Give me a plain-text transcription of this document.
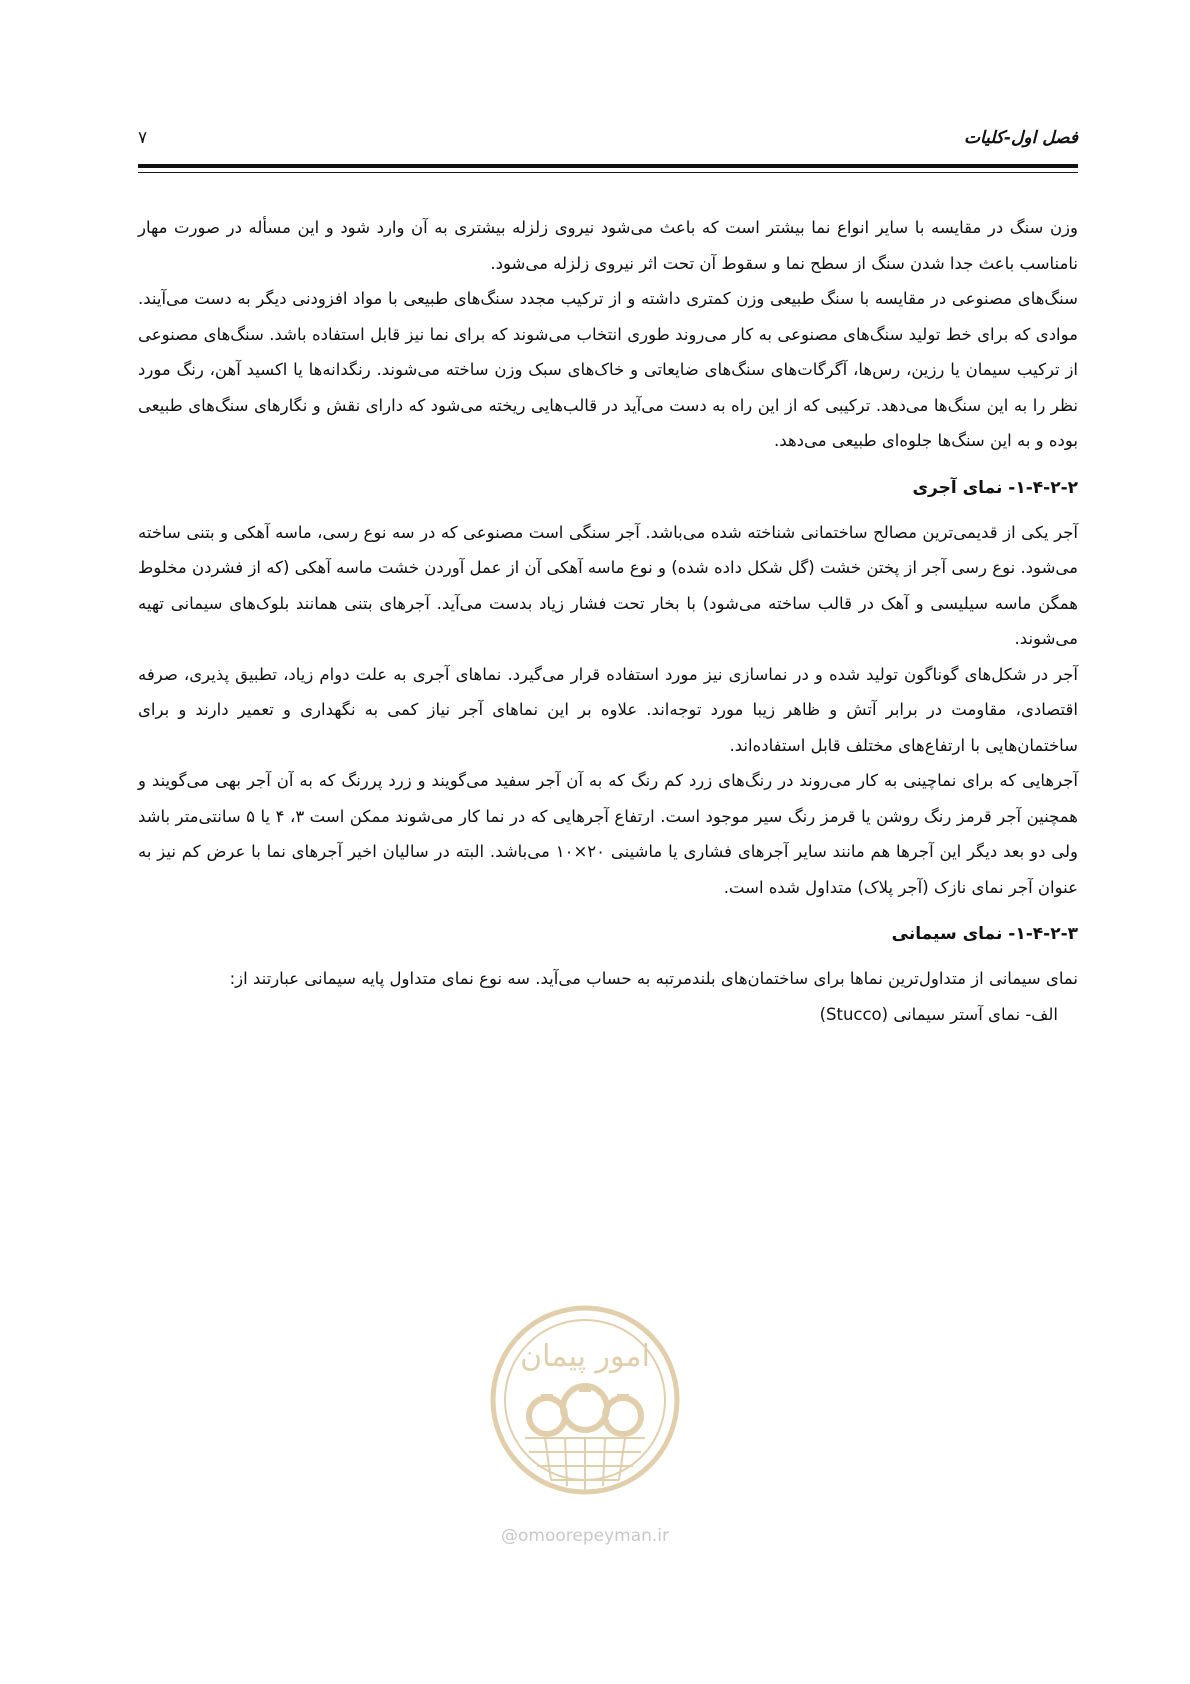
فصل اول-کلیات
۷

وزن سنگ در مقایسه با سایر انواع نما بیشتر است که باعث می‌شود نیروی زلزله بیشتری به آن وارد شود و این مسأله در صورت مهار نامناسب باعث جدا شدن سنگ از سطح نما و سقوط آن تحت اثر نیروی زلزله می‌شود.

سنگ‌های مصنوعی در مقایسه با سنگ طبیعی وزن کمتری داشته و از ترکیب مجدد سنگ‌های طبیعی با مواد افزودنی دیگر به دست می‌آیند. موادی که برای خط تولید سنگ‌های مصنوعی به کار می‌روند طوری انتخاب می‌شوند که برای نما نیز قابل استفاده باشد. سنگ‌های مصنوعی از ترکیب سیمان یا رزین، رس‌ها، آگرگات‌های سنگ‌های ضایعاتی و خاک‌های سبک وزن ساخته می‌شوند. رنگدانه‌ها یا اکسید آهن، رنگ مورد نظر را به این سنگ‌ها می‌دهد. ترکیبی که از این راه به دست می‌آید در قالب‌هایی ریخته می‌شود که دارای نقش و نگارهای سنگ‌های طبیعی بوده و به این سنگ‌ها جلوه‌ای طبیعی می‌دهد.

۱-۴-۲-۲- نمای آجری

آجر یکی از قدیمی‌ترین مصالح ساختمانی شناخته شده می‌باشد. آجر سنگی است مصنوعی که در سه نوع رسی، ماسه آهکی و بتنی ساخته می‌شود. نوع رسی آجر از پختن خشت (گل شکل داده شده) و نوع ماسه آهکی آن از عمل آوردن خشت ماسه آهکی (که از فشردن مخلوط همگن ماسه سیلیسی و آهک در قالب ساخته می‌شود) با بخار تحت فشار زیاد بدست می‌آید. آجرهای بتنی همانند بلوک‌های سیمانی تهیه می‌شوند.

آجر در شکل‌های گوناگون تولید شده و در نماسازی نیز مورد استفاده قرار می‌گیرد. نماهای آجری به علت دوام زیاد، تطبیق پذیری، صرفه اقتصادی، مقاومت در برابر آتش و ظاهر زیبا مورد توجه‌اند. علاوه بر این نماهای آجر نیاز کمی به نگهداری و تعمیر دارند و برای ساختمان‌هایی با ارتفاع‌های مختلف قابل استفاده‌اند.

آجرهایی که برای نماچینی به کار می‌روند در رنگ‌های زرد کم رنگ که به آن آجر سفید می‌گویند و زرد پررنگ که به آن آجر بهی می‌گویند و همچنین آجر قرمز رنگ روشن یا قرمز رنگ سیر موجود است. ارتفاع آجرهایی که در نما کار می‌شوند ممکن است ۳، ۴ یا ۵ سانتی‌متر باشد ولی دو بعد دیگر این آجرها هم مانند سایر آجرهای فشاری یا ماشینی ۲۰×۱۰ می‌باشد. البته در سالیان اخیر آجرهای نما با عرض کم نیز به عنوان آجر نمای نازک (آجر پلاک) متداول شده است.

۱-۴-۲-۳- نمای سیمانی

نمای سیمانی از متداول‌ترین نماها برای ساختمان‌های بلندمرتبه به حساب می‌آید. سه نوع نمای متداول پایه سیمانی عبارتند از:

الف- نمای آستر سیمانی (Stucco)

امور پیمان
@omoorepeyman.ir
